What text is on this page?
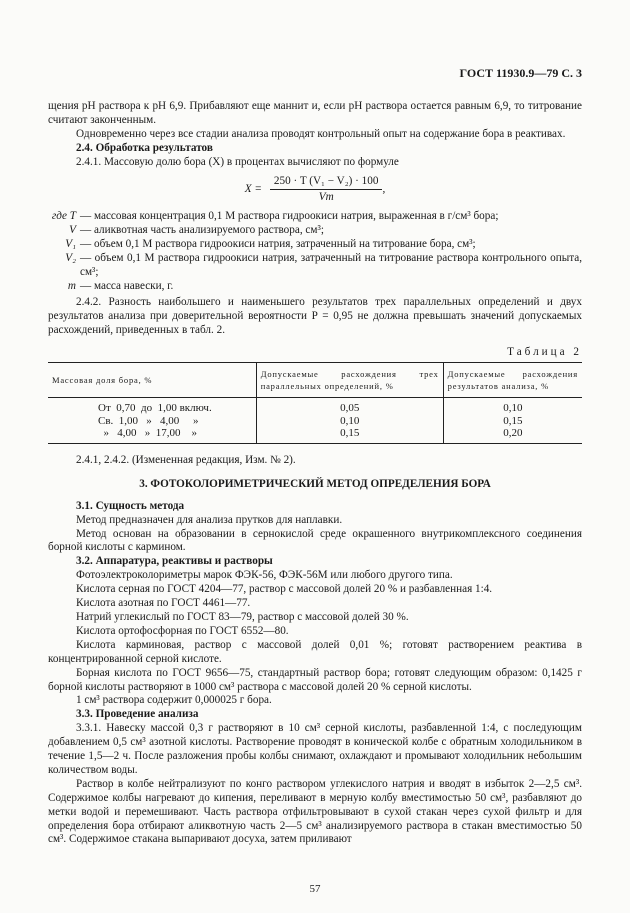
ГОСТ 11930.9—79 С. 3

щения pH раствора к pH 6,9. Прибавляют еще маннит и, если pH раствора остается равным 6,9, то титрование считают законченным.

Одновременно через все стадии анализа проводят контрольный опыт на содержание бора в реактивах.

2.4. Обработка результатов

2.4.1. Массовую долю бора (X) в процентах вычисляют по формуле

$X = \frac{\text{250 · T (V₁ − V₂) · 100}}{Vm}$ ,
где T — массовая концентрация 0,1 М раствора гидроокиси натрия, выраженная в г/см³ бора;
V — аликвотная часть анализируемого раствора, см³;
V₁ — объем 0,1 М раствора гидроокиси натрия, затраченный на титрование бора, см³;
V₂ — объем 0,1 М раствора гидроокиси натрия, затраченный на титрование раствора контрольного опыта, см³;
m — масса навески, г.

2.4.2. Разность наибольшего и наименьшего результатов трех параллельных определений и двух результатов анализа при доверительной вероятности P = 0,95 не должна превышать значений допускаемых расхождений, приведенных в табл. 2.

Таблица 2
Массовая доля бора, %	Допускаемые расхождения трех параллельных определений, %	Допускаемые расхождения результатов анализа, %
От  0,70  до  1,00 включ.	0,05	0,10
Св.  1,00   »   4,00     »	0,10	0,15
»   4,00   »  17,00    »	0,15	0,20

2.4.1, 2.4.2. (Измененная редакция, Изм. № 2).

3. ФОТОКОЛОРИМЕТРИЧЕСКИЙ МЕТОД ОПРЕДЕЛЕНИЯ БОРА

3.1. Сущность метода

Метод предназначен для анализа прутков для наплавки.

Метод основан на образовании в сернокислой среде окрашенного внутрикомплексного соединения борной кислоты с кармином.

3.2. Аппаратура, реактивы и растворы

Фотоэлектроколориметры марок ФЭК-56, ФЭК-56М или любого другого типа.

Кислота серная по ГОСТ 4204—77, раствор с массовой долей 20 % и разбавленная 1:4.

Кислота азотная по ГОСТ 4461—77.

Натрий углекислый по ГОСТ 83—79, раствор с массовой долей 30 %.

Кислота ортофосфорная по ГОСТ 6552—80.

Кислота карминовая, раствор с массовой долей 0,01 %; готовят растворением реактива в концентрированной серной кислоте.

Борная кислота по ГОСТ 9656—75, стандартный раствор бора; готовят следующим образом: 0,1425 г борной кислоты растворяют в 1000 см³ раствора с массовой долей 20 % серной кислоты.

1 см³ раствора содержит 0,000025 г бора.

3.3. Проведение анализа

3.3.1. Навеску массой 0,3 г растворяют в 10 см³ серной кислоты, разбавленной 1:4, с последующим добавлением 0,5 см³ азотной кислоты. Растворение проводят в конической колбе с обратным холодильником в течение 1,5—2 ч. После разложения пробы колбы снимают, охлаждают и промывают холодильник небольшим количеством воды.

Раствор в колбе нейтрализуют по конго раствором углекислого натрия и вводят в избыток 2—2,5 см³. Содержимое колбы нагревают до кипения, переливают в мерную колбу вместимостью 50 см³, разбавляют до метки водой и перемешивают. Часть раствора отфильтровывают в сухой стакан через сухой фильтр и для определения бора отбирают аликвотную часть 2—5 см³ анализируемого раствора в стакан вместимостью 50 см³. Содержимое стакана выпаривают досуха, затем приливают

57
